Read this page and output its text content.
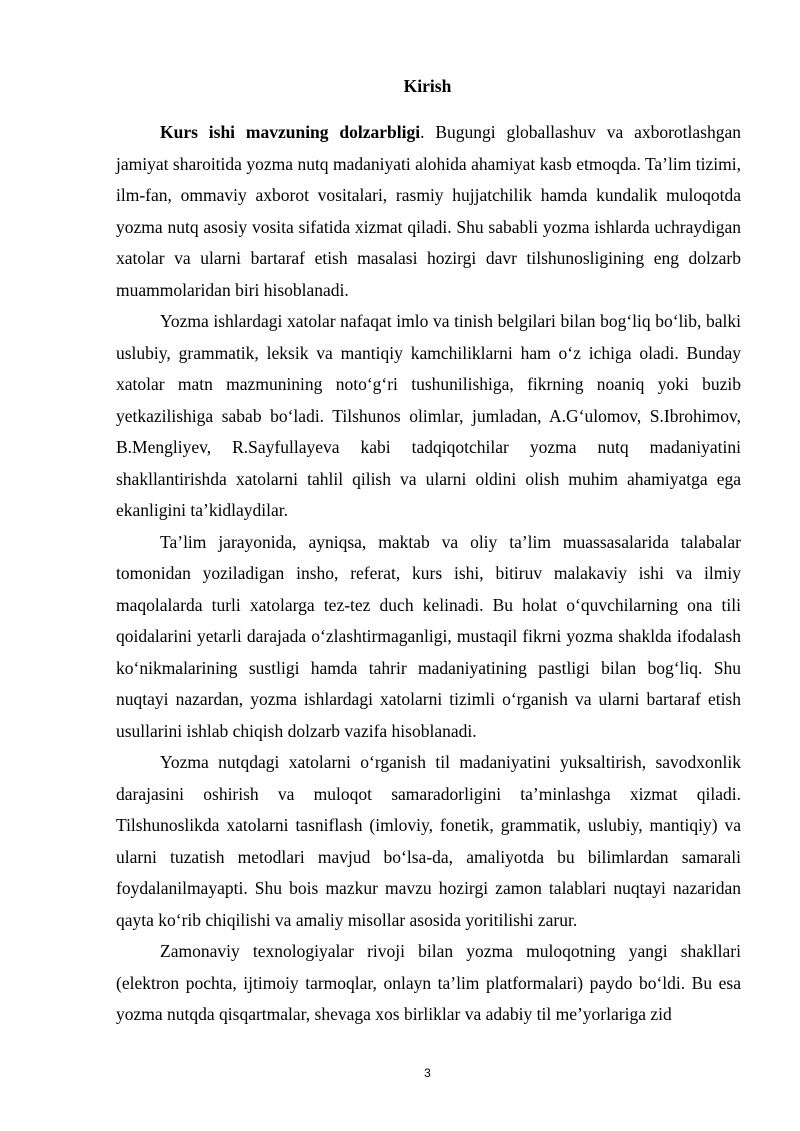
Kirish

Kurs ishi mavzuning dolzarbligi. Bugungi globallashuv va axborotlashgan jamiyat sharoitida yozma nutq madaniyati alohida ahamiyat kasb etmoqda. Ta’lim tizimi, ilm-fan, ommaviy axborot vositalari, rasmiy hujjatchilik hamda kundalik muloqotda yozma nutq asosiy vosita sifatida xizmat qiladi. Shu sababli yozma ishlarda uchraydigan xatolar va ularni bartaraf etish masalasi hozirgi davr tilshunosligining eng dolzarb muammolaridan biri hisoblanadi.

Yozma ishlardagi xatolar nafaqat imlo va tinish belgilari bilan bog‘liq bo‘lib, balki uslubiy, grammatik, leksik va mantiqiy kamchiliklarni ham o‘z ichiga oladi. Bunday xatolar matn mazmunining noto‘g‘ri tushunilishiga, fikrning noaniq yoki buzib yetkazilishiga sabab bo‘ladi. Tilshunos olimlar, jumladan, A.G‘ulomov, S.Ibrohimov, B.Mengliyev, R.Sayfullayeva kabi tadqiqotchilar yozma nutq madaniyatini shakllantirishda xatolarni tahlil qilish va ularni oldini olish muhim ahamiyatga ega ekanligini ta’kidlaydilar.

Ta’lim jarayonida, ayniqsa, maktab va oliy ta’lim muassasalarida talabalar tomonidan yoziladigan insho, referat, kurs ishi, bitiruv malakaviy ishi va ilmiy maqolalarda turli xatolarga tez-tez duch kelinadi. Bu holat o‘quvchilarning ona tili qoidalarini yetarli darajada o‘zlashtirmaganligi, mustaqil fikrni yozma shaklda ifodalash ko‘nikmalarining sustligi hamda tahrir madaniyatining pastligi bilan bog‘liq. Shu nuqtayi nazardan, yozma ishlardagi xatolarni tizimli o‘rganish va ularni bartaraf etish usullarini ishlab chiqish dolzarb vazifa hisoblanadi.

Yozma nutqdagi xatolarni o‘rganish til madaniyatini yuksaltirish, savodxonlik darajasini oshirish va muloqot samaradorligini ta’minlashga xizmat qiladi. Tilshunoslikda xatolarni tasniflash (imloviy, fonetik, grammatik, uslubiy, mantiqiy) va ularni tuzatish metodlari mavjud bo‘lsa-da, amaliyotda bu bilimlardan samarali foydalanilmayapti. Shu bois mazkur mavzu hozirgi zamon talablari nuqtayi nazaridan qayta ko‘rib chiqilishi va amaliy misollar asosida yoritilishi zarur.

Zamonaviy texnologiyalar rivoji bilan yozma muloqotning yangi shakllari (elektron pochta, ijtimoiy tarmoqlar, onlayn ta’lim platformalari) paydo bo‘ldi. Bu esa yozma nutqda qisqartmalar, shevaga xos birliklar va adabiy til me’yorlariga zid

3
